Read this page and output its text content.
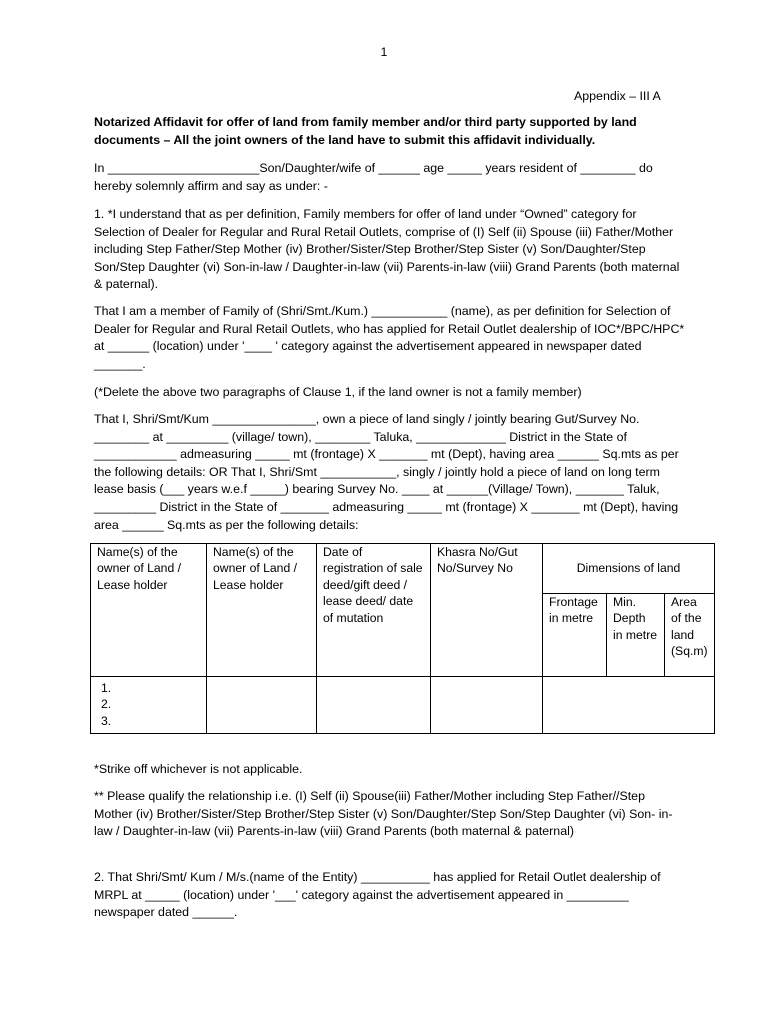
1
Appendix – III A
Notarized Affidavit for offer of land from family member and/or third party supported by land documents – All the joint owners of the land have to submit this affidavit individually.
In ______________________Son/Daughter/wife of ______ age _____ years resident of ________ do hereby solemnly affirm and say as under: -
1. *I understand that as per definition, Family members for offer of land under “Owned” category for Selection of Dealer for Regular and Rural Retail Outlets, comprise of (I) Self (ii) Spouse (iii) Father/Mother including Step Father/Step Mother (iv) Brother/Sister/Step Brother/Step Sister (v) Son/Daughter/Step Son/Step Daughter (vi) Son-in-law / Daughter-in-law (vii) Parents-in-law (viii) Grand Parents (both maternal & paternal).
That I am a member of Family of (Shri/Smt./Kum.) ___________ (name), as per definition for Selection of Dealer for Regular and Rural Retail Outlets, who has applied for Retail Outlet dealership of IOC*/BPC/HPC* at ______ (location) under '____ ' category against the advertisement appeared in newspaper dated _______.
(*Delete the above two paragraphs of Clause 1, if the land owner is not a family member)
That I, Shri/Smt/Kum _______________, own a piece of land singly / jointly bearing Gut/Survey No. ________ at _________ (village/ town), ________ Taluka, _____________ District in the State of ____________ admeasuring _____ mt (frontage) X _______ mt (Dept), having area ______ Sq.mts as per the following details: OR That I, Shri/Smt ___________, singly / jointly hold a piece of land on long term lease basis (___ years w.e.f _____) bearing Survey No. ____ at ______(Village/ Town), _______ Taluk, _________ District in the State of _______ admeasuring _____ mt (frontage) X _______ mt (Dept), having area ______ Sq.mts as per the following details:
Name(s) of the owner of Land / Lease holder	Name(s) of the owner of Land / Lease holder	Date of registration of sale deed/gift deed / lease deed/ date of mutation	Khasra No/Gut No/Survey No	Dimensions of land		
				Frontage in metre	Min. Depth in metre	Area of the land (Sq.m)

1.
2.
3.						

*Strike off whichever is not applicable.
** Please qualify the relationship i.e. (I) Self (ii) Spouse(iii) Father/Mother including Step Father//Step Mother (iv) Brother/Sister/Step Brother/Step Sister (v) Son/Daughter/Step Son/Step Daughter (vi) Son- in-law / Daughter-in-law (vii) Parents-in-law (viii) Grand Parents (both maternal & paternal)
2. That Shri/Smt/ Kum / M/s.(name of the Entity) __________ has applied for Retail Outlet dealership of MRPL at _____ (location) under '___' category against the advertisement appeared in _________ newspaper dated ______.
